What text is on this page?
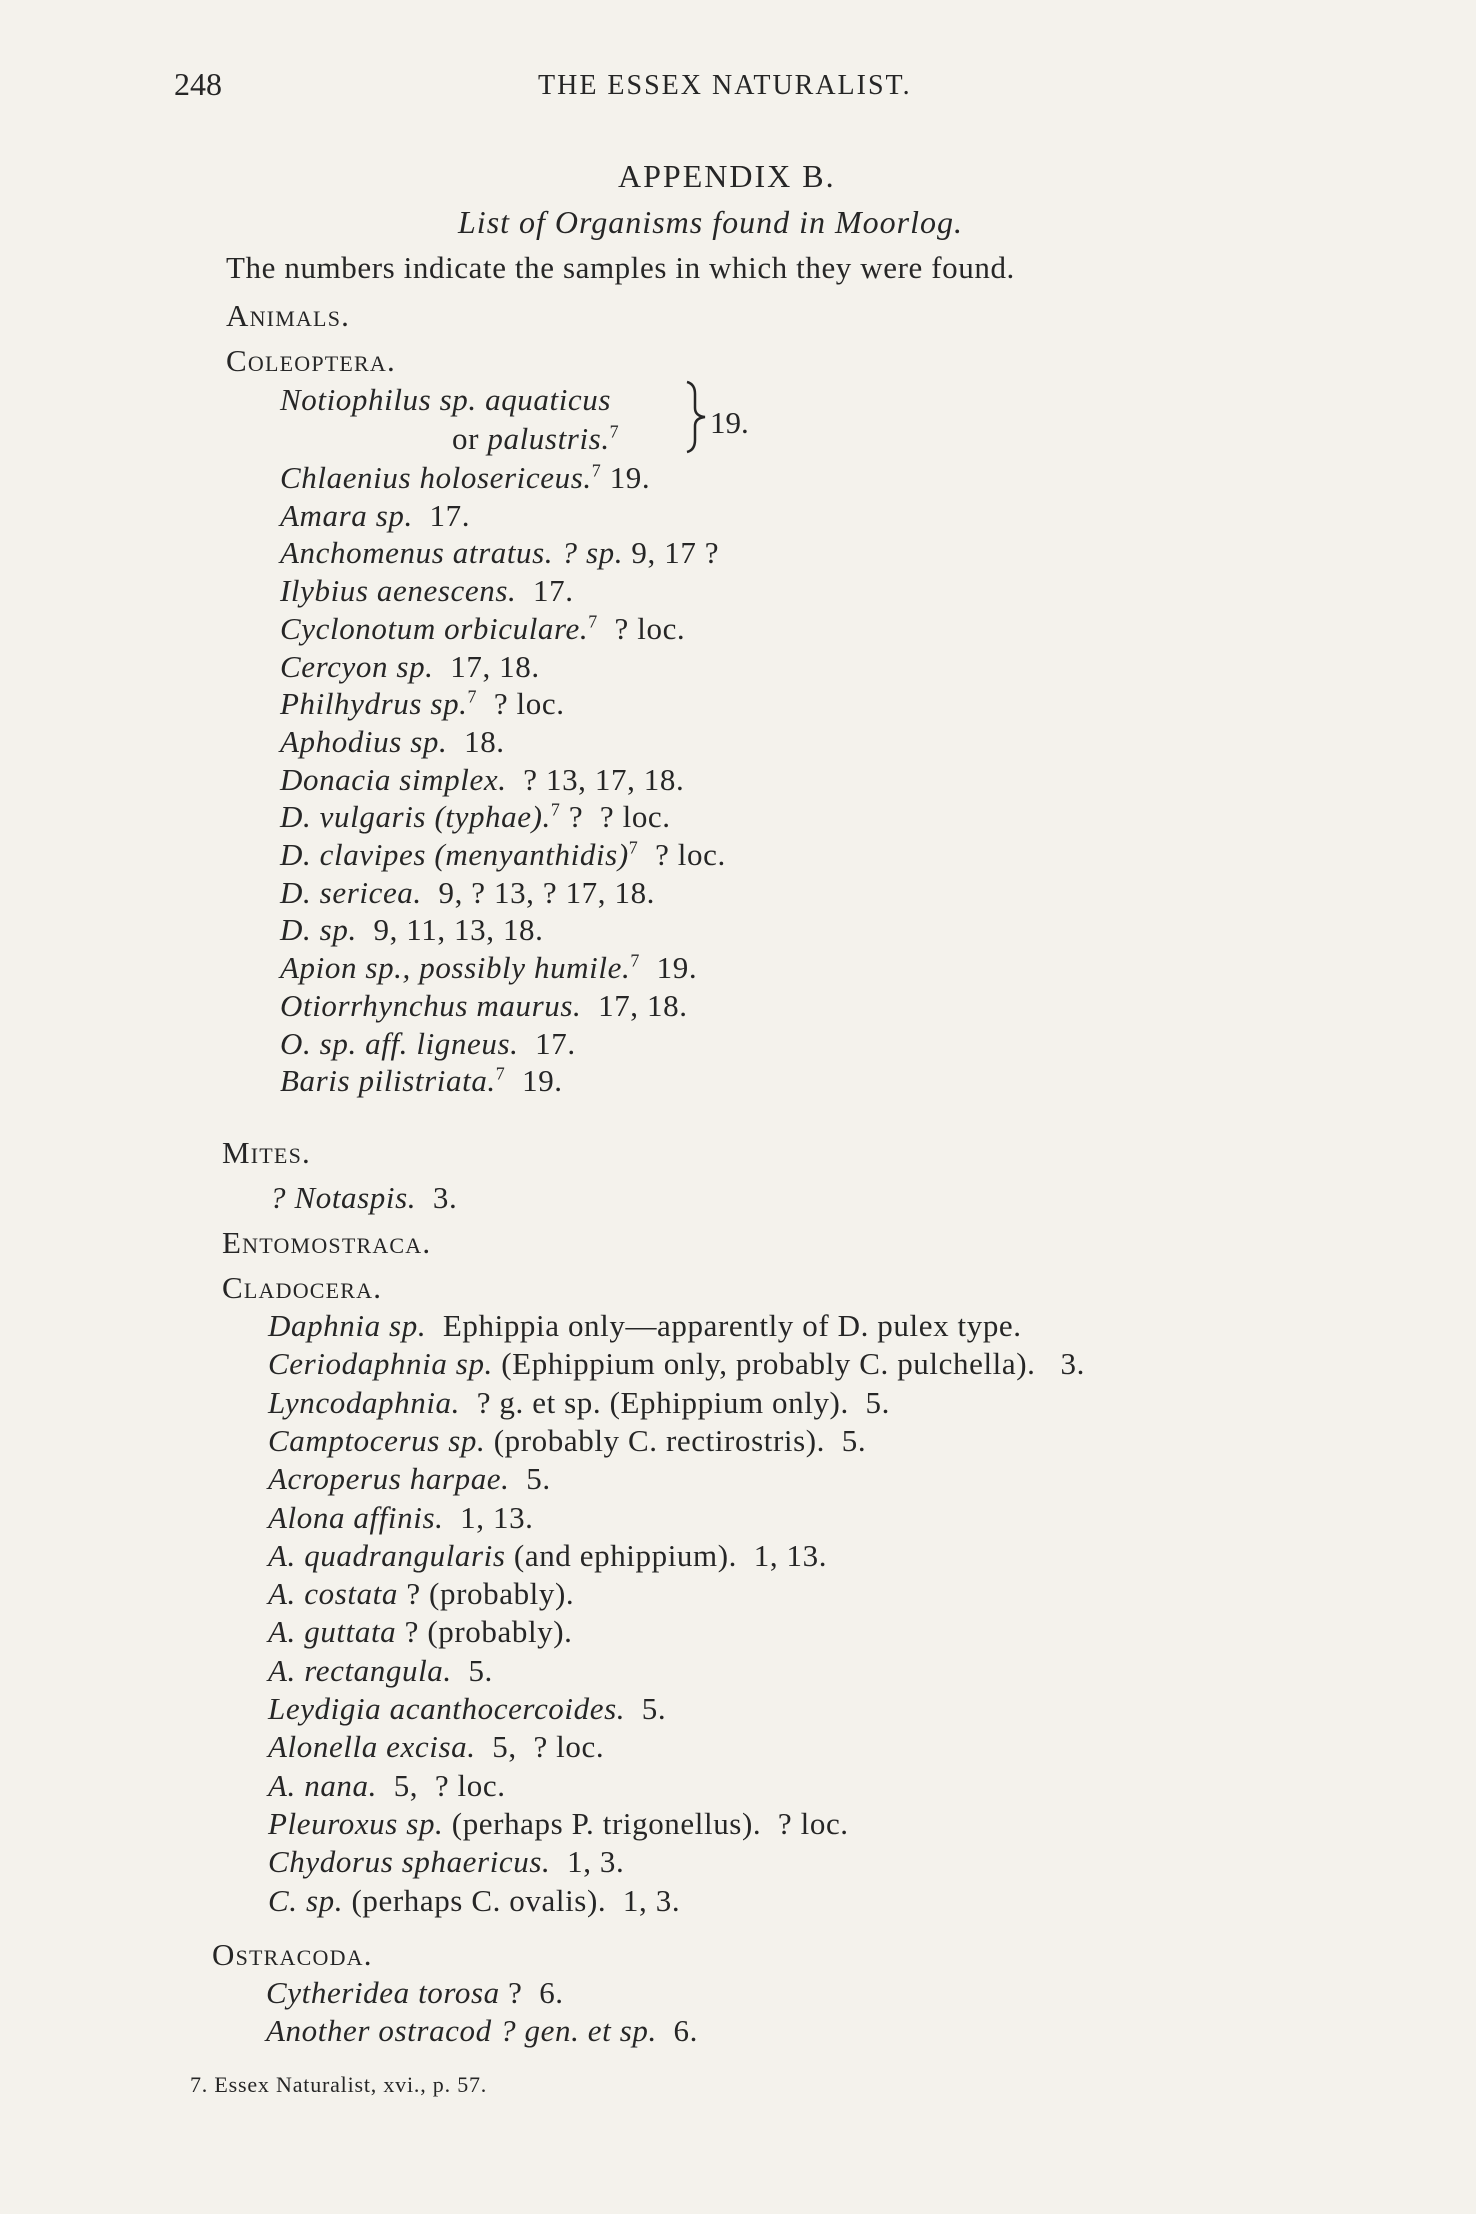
248	THE ESSEX NATURALIST.
APPENDIX B.
List of Organisms found in Moorlog.
The numbers indicate the samples in which they were found.
Animals.
Coleoptera.
Notiophilus sp. aquaticus
or palustris.$^7$	19.
Chlaenius holosericeus.$^7$ 19.
Amara sp.  17.
Anchomenus atratus. ? sp. 9, 17 ?
Ilybius aenescens.  17.
Cyclonotum orbiculare.$^7$  ? loc.
Cercyon sp.  17, 18.
Philhydrus sp.$^7$  ? loc.
Aphodius sp.  18.
Donacia simplex.  ? 13, 17, 18.
D. vulgaris (typhae).$^7$ ?  ? loc.
D. clavipes (menyanthidis)$^7$  ? loc.
D. sericea.  9, ? 13, ? 17, 18.
D. sp.  9, 11, 13, 18.
Apion sp., possibly humile.$^7$  19.
Otiorrhynchus maurus.  17, 18.
O. sp. aff. ligneus.  17.
Baris pilistriata.$^7$  19.
Mites.
? Notaspis.  3.
Entomostraca.
Cladocera.
Daphnia sp.  Ephippia only—apparently of D. pulex type.
Ceriodaphnia sp. (Ephippium only, probably C. pulchella).   3.
Lyncodaphnia.  ? g. et sp. (Ephippium only).  5.
Camptocerus sp. (probably C. rectirostris).  5.
Acroperus harpae.  5.
Alona affinis.  1, 13.
A. quadrangularis (and ephippium).  1, 13.
A. costata ? (probably).
A. guttata ? (probably).
A. rectangula.  5.
Leydigia acanthocercoides.  5.
Alonella excisa.  5,  ? loc.
A. nana.  5,  ? loc.
Pleuroxus sp. (perhaps P. trigonellus).  ? loc.
Chydorus sphaericus.  1, 3.
C. sp. (perhaps C. ovalis).  1, 3.
Ostracoda.
Cytheridea torosa ?  6.
Another ostracod ? gen. et sp.  6.
7. Essex Naturalist, xvi., p. 57.
